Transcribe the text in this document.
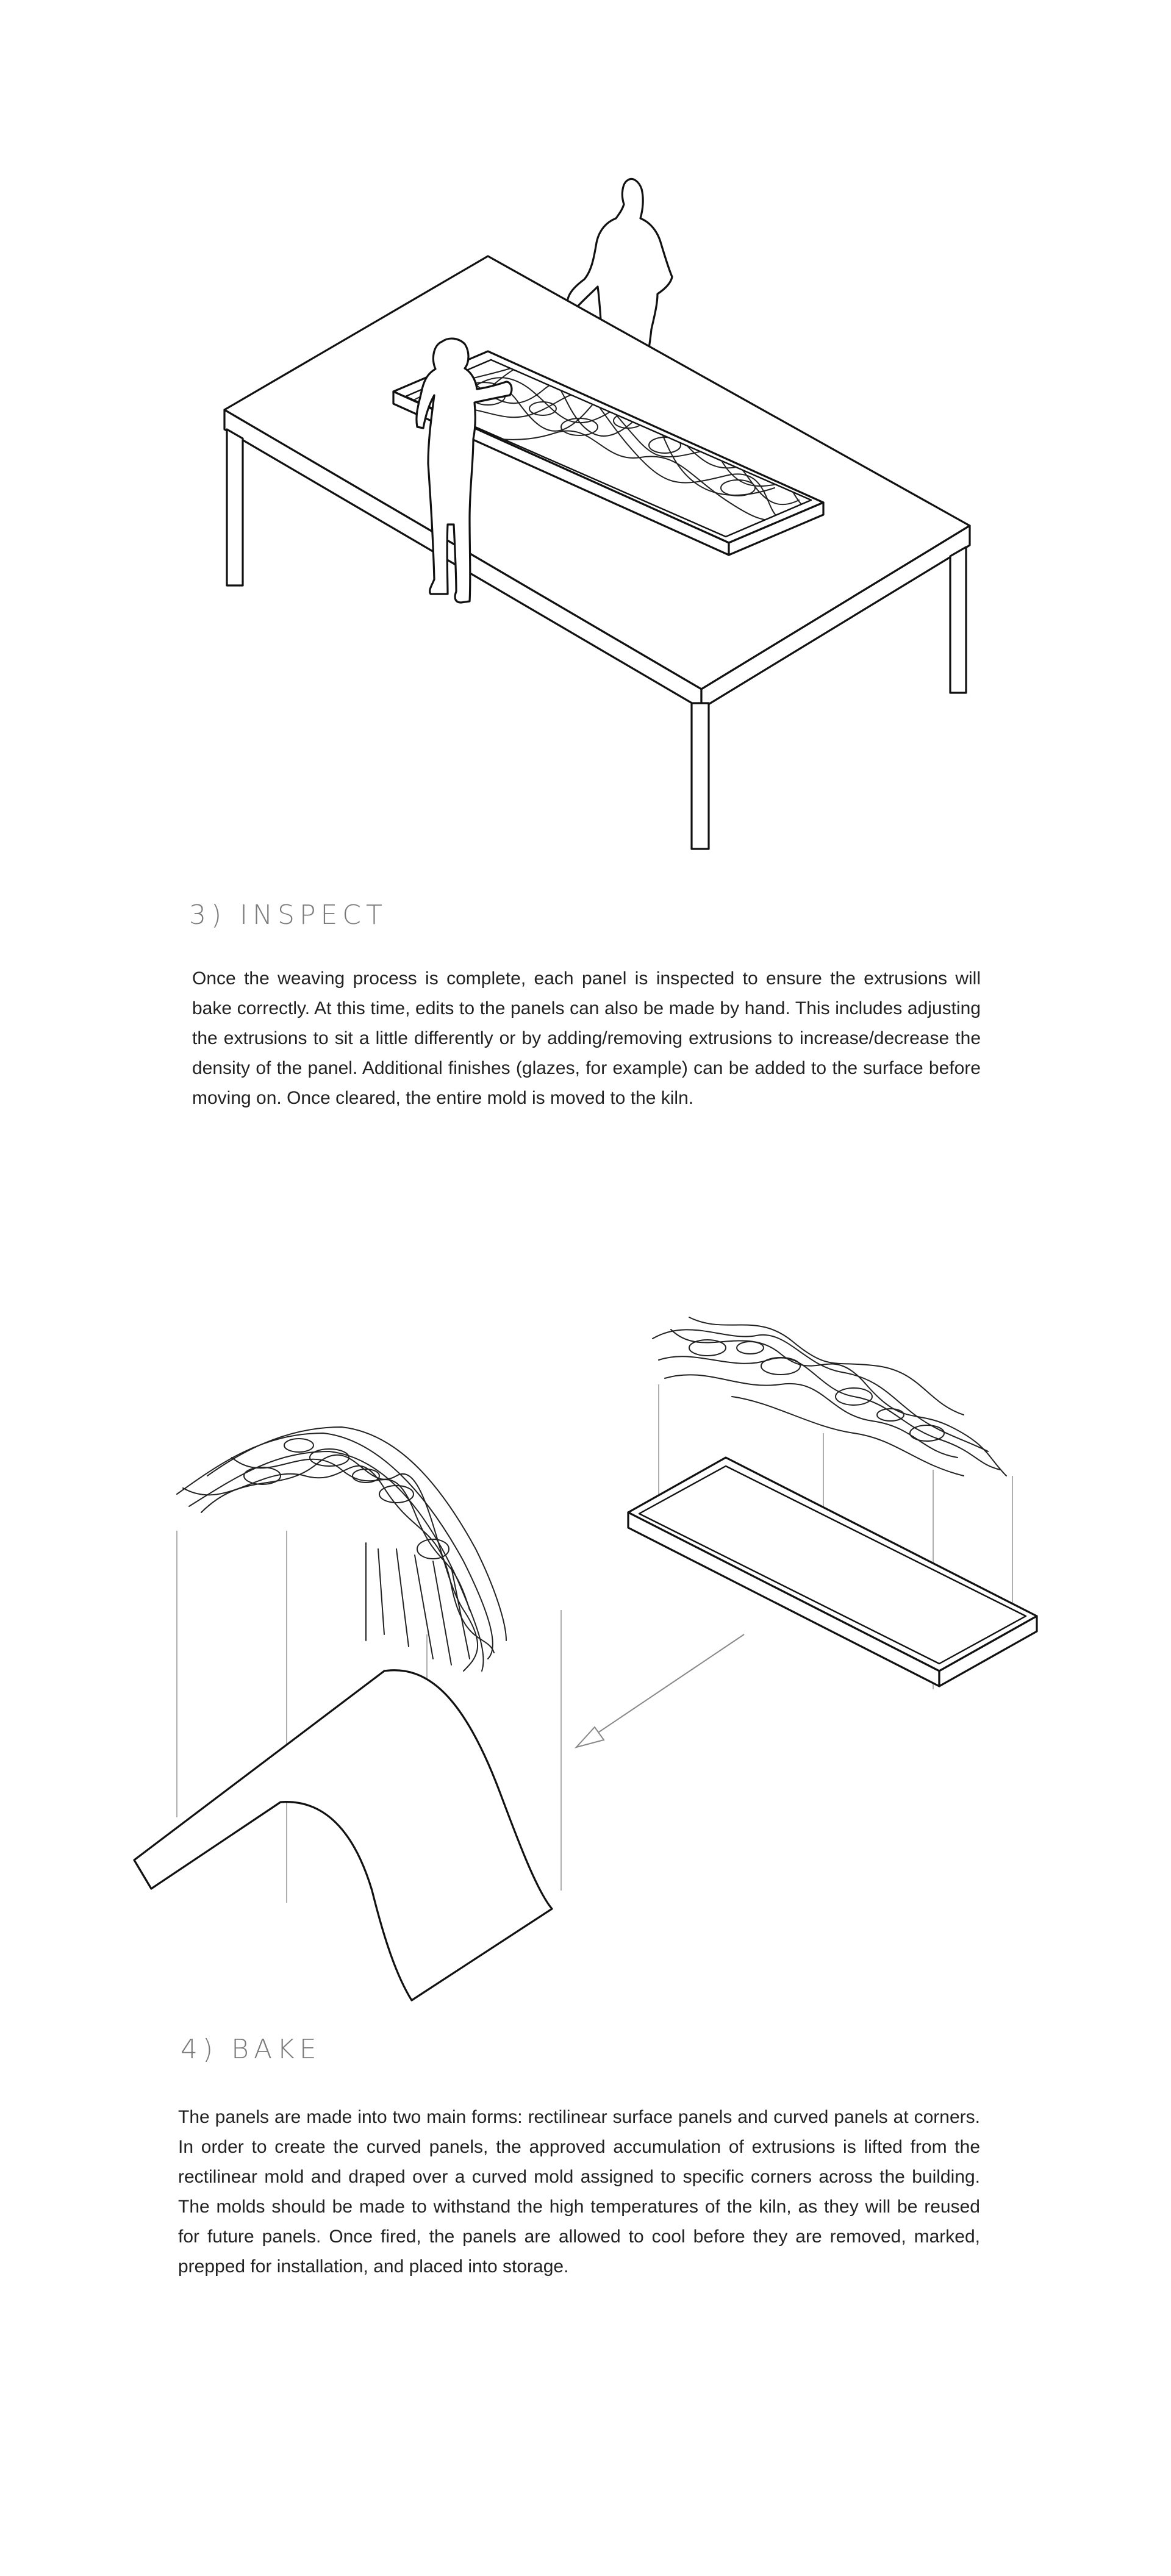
3) INSPECT

Once the weaving process is complete, each panel is inspected to ensure the extrusions will bake correctly. At this time, edits to the panels can also be made by hand. This includes adjusting the extrusions to sit a little differently or by adding/removing extrusions to increase/decrease the density of the panel. Additional finishes (glazes, for example) can be added to the surface before moving on. Once cleared, the entire mold is moved to the kiln.

4) BAKE

The panels are made into two main forms: rectilinear surface panels and curved panels at corners. In order to create the curved panels, the approved accumulation of extrusions is lifted from the rectilinear mold and draped over a curved mold assigned to specific corners across the building. The molds should be made to withstand the high temperatures of the kiln, as they will be reused for future panels. Once fired, the panels are allowed to cool before they are removed, marked, prepped for installation, and placed into storage.
